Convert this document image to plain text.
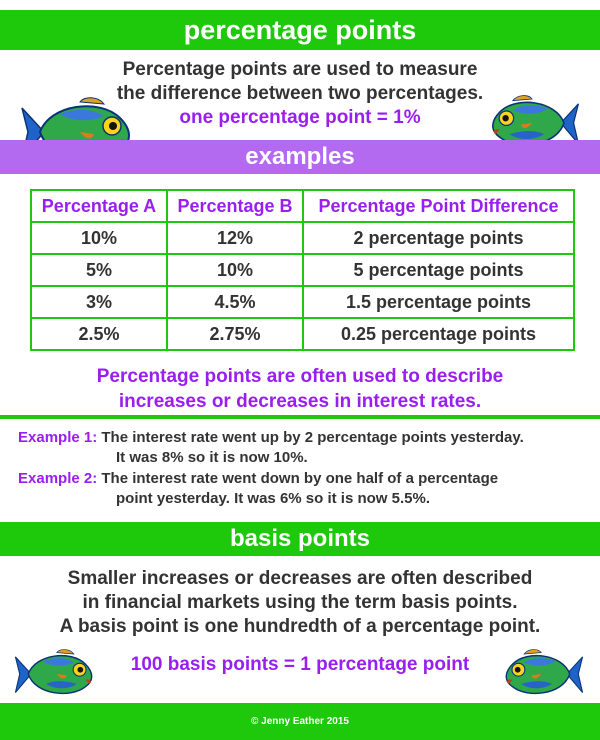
percentage points
Percentage points are used to measure
the difference between two percentages.
one percentage point = 1%
examples
Percentage A	Percentage B	Percentage Point Difference
10%	12%	2 percentage points
5%	10%	5 percentage points
3%	4.5%	1.5 percentage points
2.5%	2.75%	0.25 percentage points
Percentage points are often used to describe
increases or decreases in interest rates.
Example 1: The interest rate went up by 2 percentage points yesterday.
It was 8% so it is now 10%.
Example 2: The interest rate went down by one half of a percentage
point yesterday. It was 6% so it is now 5.5%.
basis points
Smaller increases or decreases are often described
in financial markets using the term basis points.
A basis point is one hundredth of a percentage point.
100 basis points = 1 percentage point
© Jenny Eather 2015
